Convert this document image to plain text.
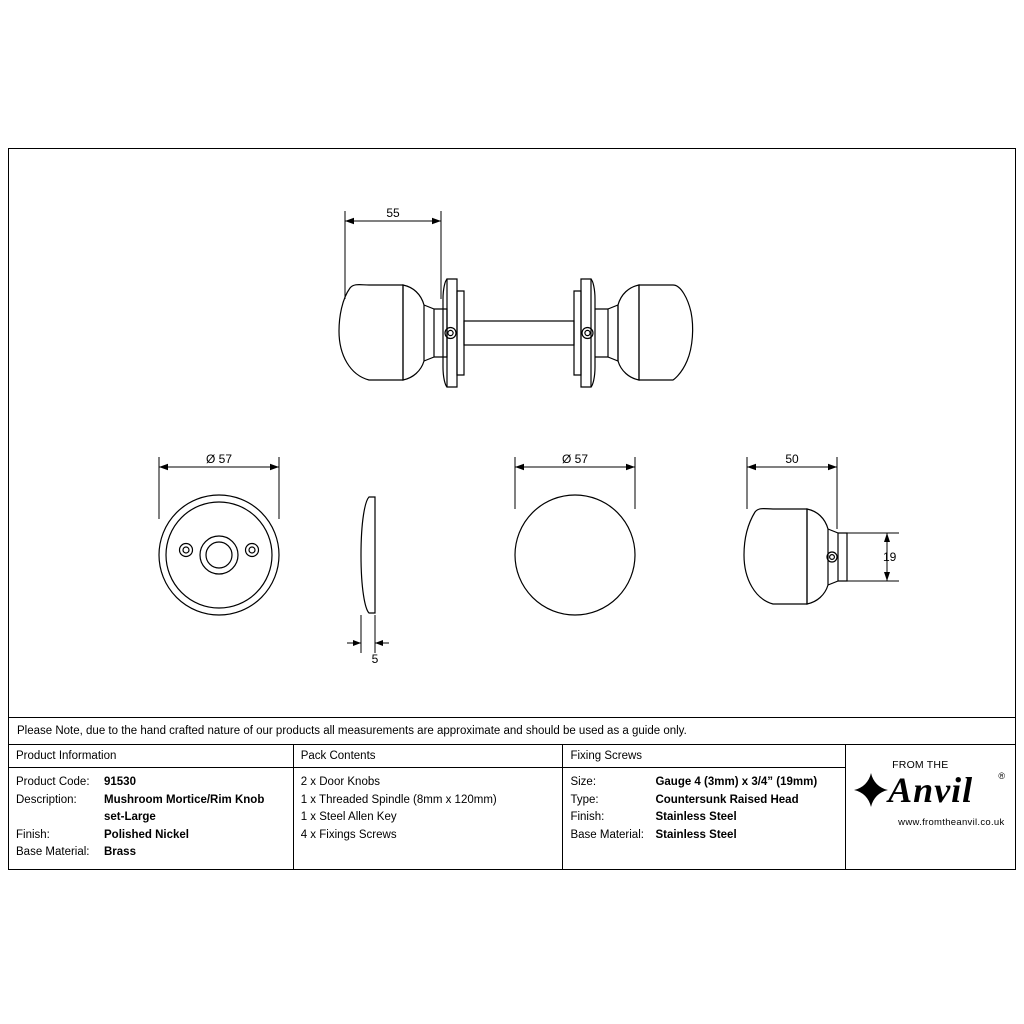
55
Ø 57
5
Ø 57	50
19
Please Note, due to the hand crafted nature of our products all measurements are approximate and should be used as a guide only.
Product Information
Product Code:	91530
Description:	Mushroom Mortice/Rim Knob set-Large
Finish:	Polished Nickel
Base Material:	Brass
Pack Contents
2 x Door Knobs
1 x Threaded Spindle (8mm x 120mm)
1 x Steel Allen Key
4 x Fixings Screws
Fixing Screws
Size:	Gauge 4 (3mm) x 3/4” (19mm)
Type:	Countersunk Raised Head
Finish:	Stainless Steel
Base Material: Stainless Steel
FROM THE
Anvil	®
www.fromtheanvil.co.uk
